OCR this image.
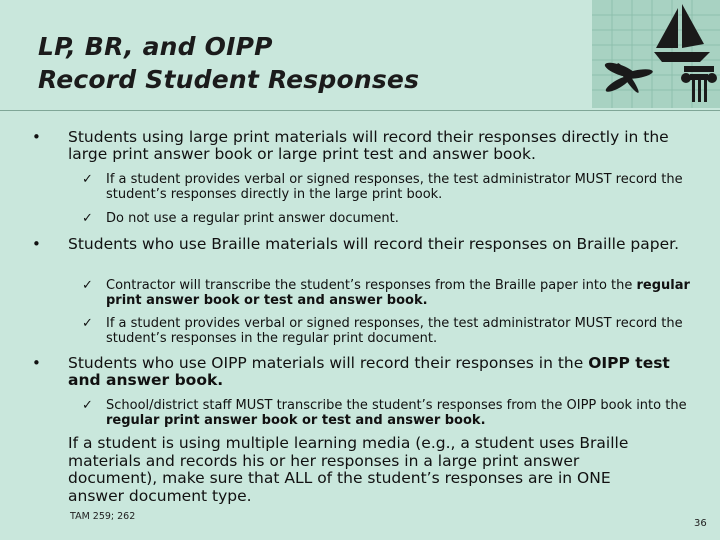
LP, BR, and OIPP
Record Student Responses
• Students using large print materials will record their responses directly in the large print answer book or large print test and answer book.
✓ If a student provides verbal or signed responses, the test administrator MUST record the student’s responses directly in the large print book.
✓ Do not use a regular print answer document.
• Students who use Braille materials will record their responses on Braille paper.
✓ Contractor will transcribe the student’s responses from the Braille paper into the regular print answer book or test and answer book.
✓ If a student provides verbal or signed responses, the test administrator MUST record the student’s responses in the regular print document.
• Students who use OIPP materials will record their responses in the OIPP test and answer book.
✓ School/district staff MUST transcribe the student’s responses from the OIPP book into the regular print answer book or test and answer book.
If a student is using multiple learning media (e.g., a student uses Braille materials and records his or her responses in a large print answer document), make sure that ALL of the student’s responses are in ONE answer document type.
TAM 259; 262
36
